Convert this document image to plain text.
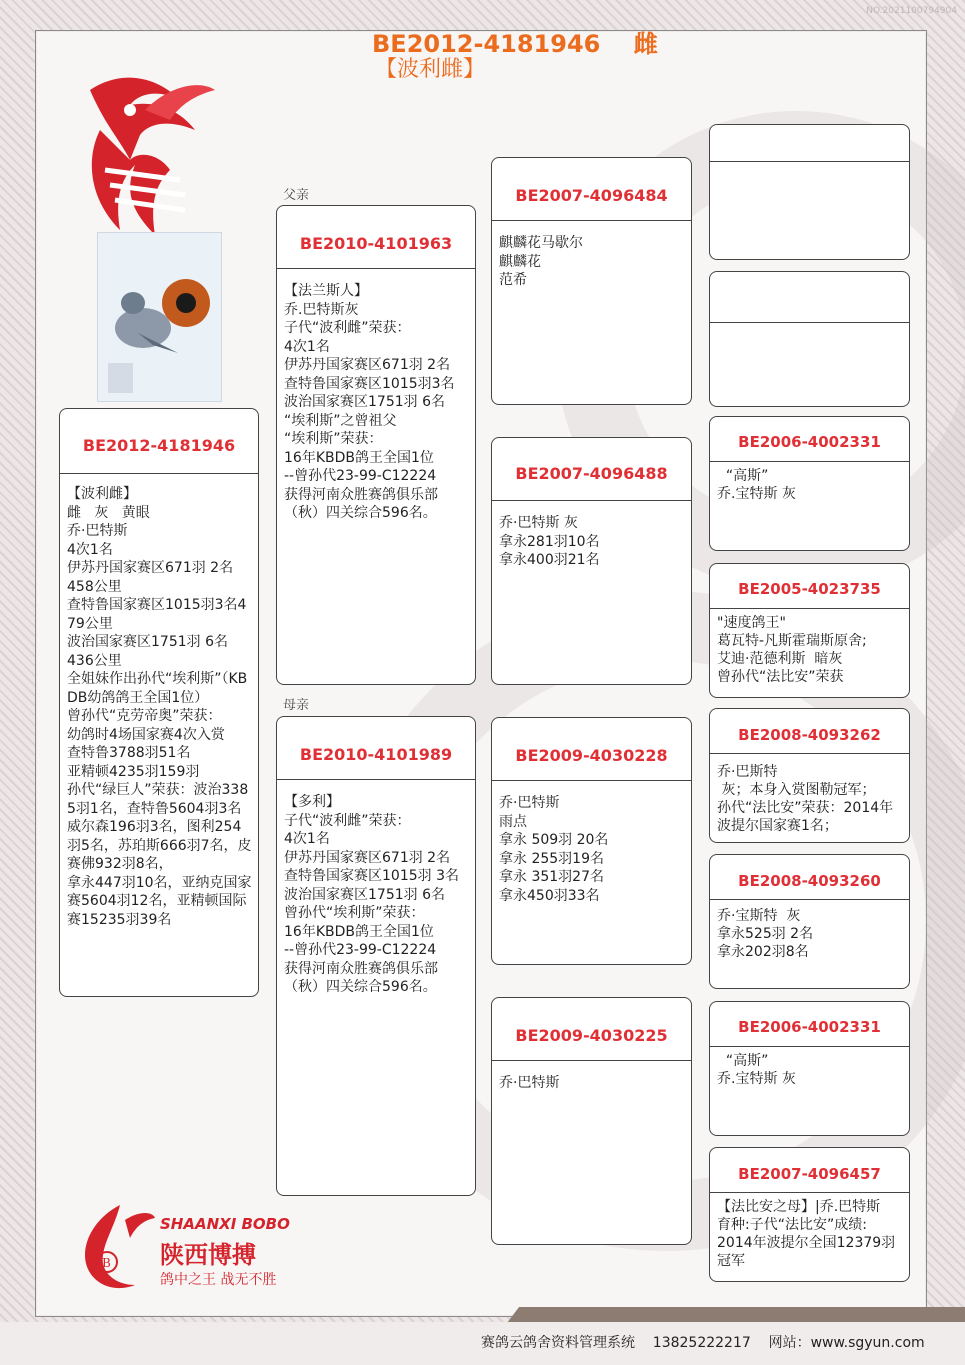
NO.2021100794904
BE2012-4181946    雌
【波利雌】
父亲
母亲
BE2012-4181946
【波利雌】
雌   灰   黄眼
乔·巴特斯
4次1名
伊苏丹国家赛区671羽 2名
458公里
查特鲁国家赛区1015羽3名479公里
波治国家赛区1751羽 6名
436公里
全姐妹作出孙代“埃利斯”（KBDB幼鸽鸽王全国1位）
曾孙代“克劳帝奥”荣获：
幼鸽时4场国家赛4次入赏
查特鲁3788羽51名
亚精顿4235羽159羽
孙代“绿巨人”荣获：波治3385羽1名，查特鲁5604羽3名
威尔森196羽3名，图利254羽5名，苏珀斯666羽7名，皮赛佛932羽8名，
拿永447羽10名，亚纳克国家赛5604羽12名，亚精顿国际赛15235羽39名
BE2010-4101963
【法兰斯人】
乔.巴特斯灰
子代“波利雌”荣获：
4次1名
伊苏丹国家赛区671羽 2名
查特鲁国家赛区1015羽3名
波治国家赛区1751羽 6名
“埃利斯”之曾祖父
“埃利斯”荣获：
16年KBDB鸽王全国1位
--曾孙代23-99-C12224
获得河南众胜赛鸽俱乐部（秋）四关综合596名。
BE2010-4101989
【多利】
子代“波利雌”荣获：
4次1名
伊苏丹国家赛区671羽 2名
查特鲁国家赛区1015羽 3名
波治国家赛区1751羽 6名
曾孙代“埃利斯”荣获：
16年KBDB鸽王全国1位
--曾孙代23-99-C12224
获得河南众胜赛鸽俱乐部（秋）四关综合596名。
BE2007-4096484
麒麟花马歇尔
麒麟花
范希
BE2007-4096488
乔·巴特斯 灰
拿永281羽10名
拿永400羽21名
BE2009-4030228
乔·巴特斯
雨点
拿永 509羽 20名
拿永 255羽19名
拿永 351羽27名
拿永450羽33名
BE2009-4030225
乔·巴特斯
BE2006-4002331
“高斯”
乔.宝特斯 灰
BE2005-4023735
"速度鸽王"
葛瓦特-凡斯霍瑞斯原舍;
艾迪·范德利斯  暗灰
曾孙代“法比安”荣获
BE2008-4093262
乔·巴斯特
灰；本身入赏图勒冠军；
孙代“法比安”荣获：2014年波提尔国家赛1名；
BE2008-4093260
乔·宝斯特  灰
拿永525羽 2名
拿永202羽8名
BE2006-4002331
“高斯”
乔.宝特斯 灰
BE2007-4096457
【法比安之母】|乔.巴特斯
育种:子代“法比安”成绩:
2014年波提尔全国12379羽冠军
B
SHAANXI BOBO
陕西博搏
鸽中之王 战无不胜
赛鸽云鸽舍资料管理系统    13825222217    网站：www.sgyun.com
